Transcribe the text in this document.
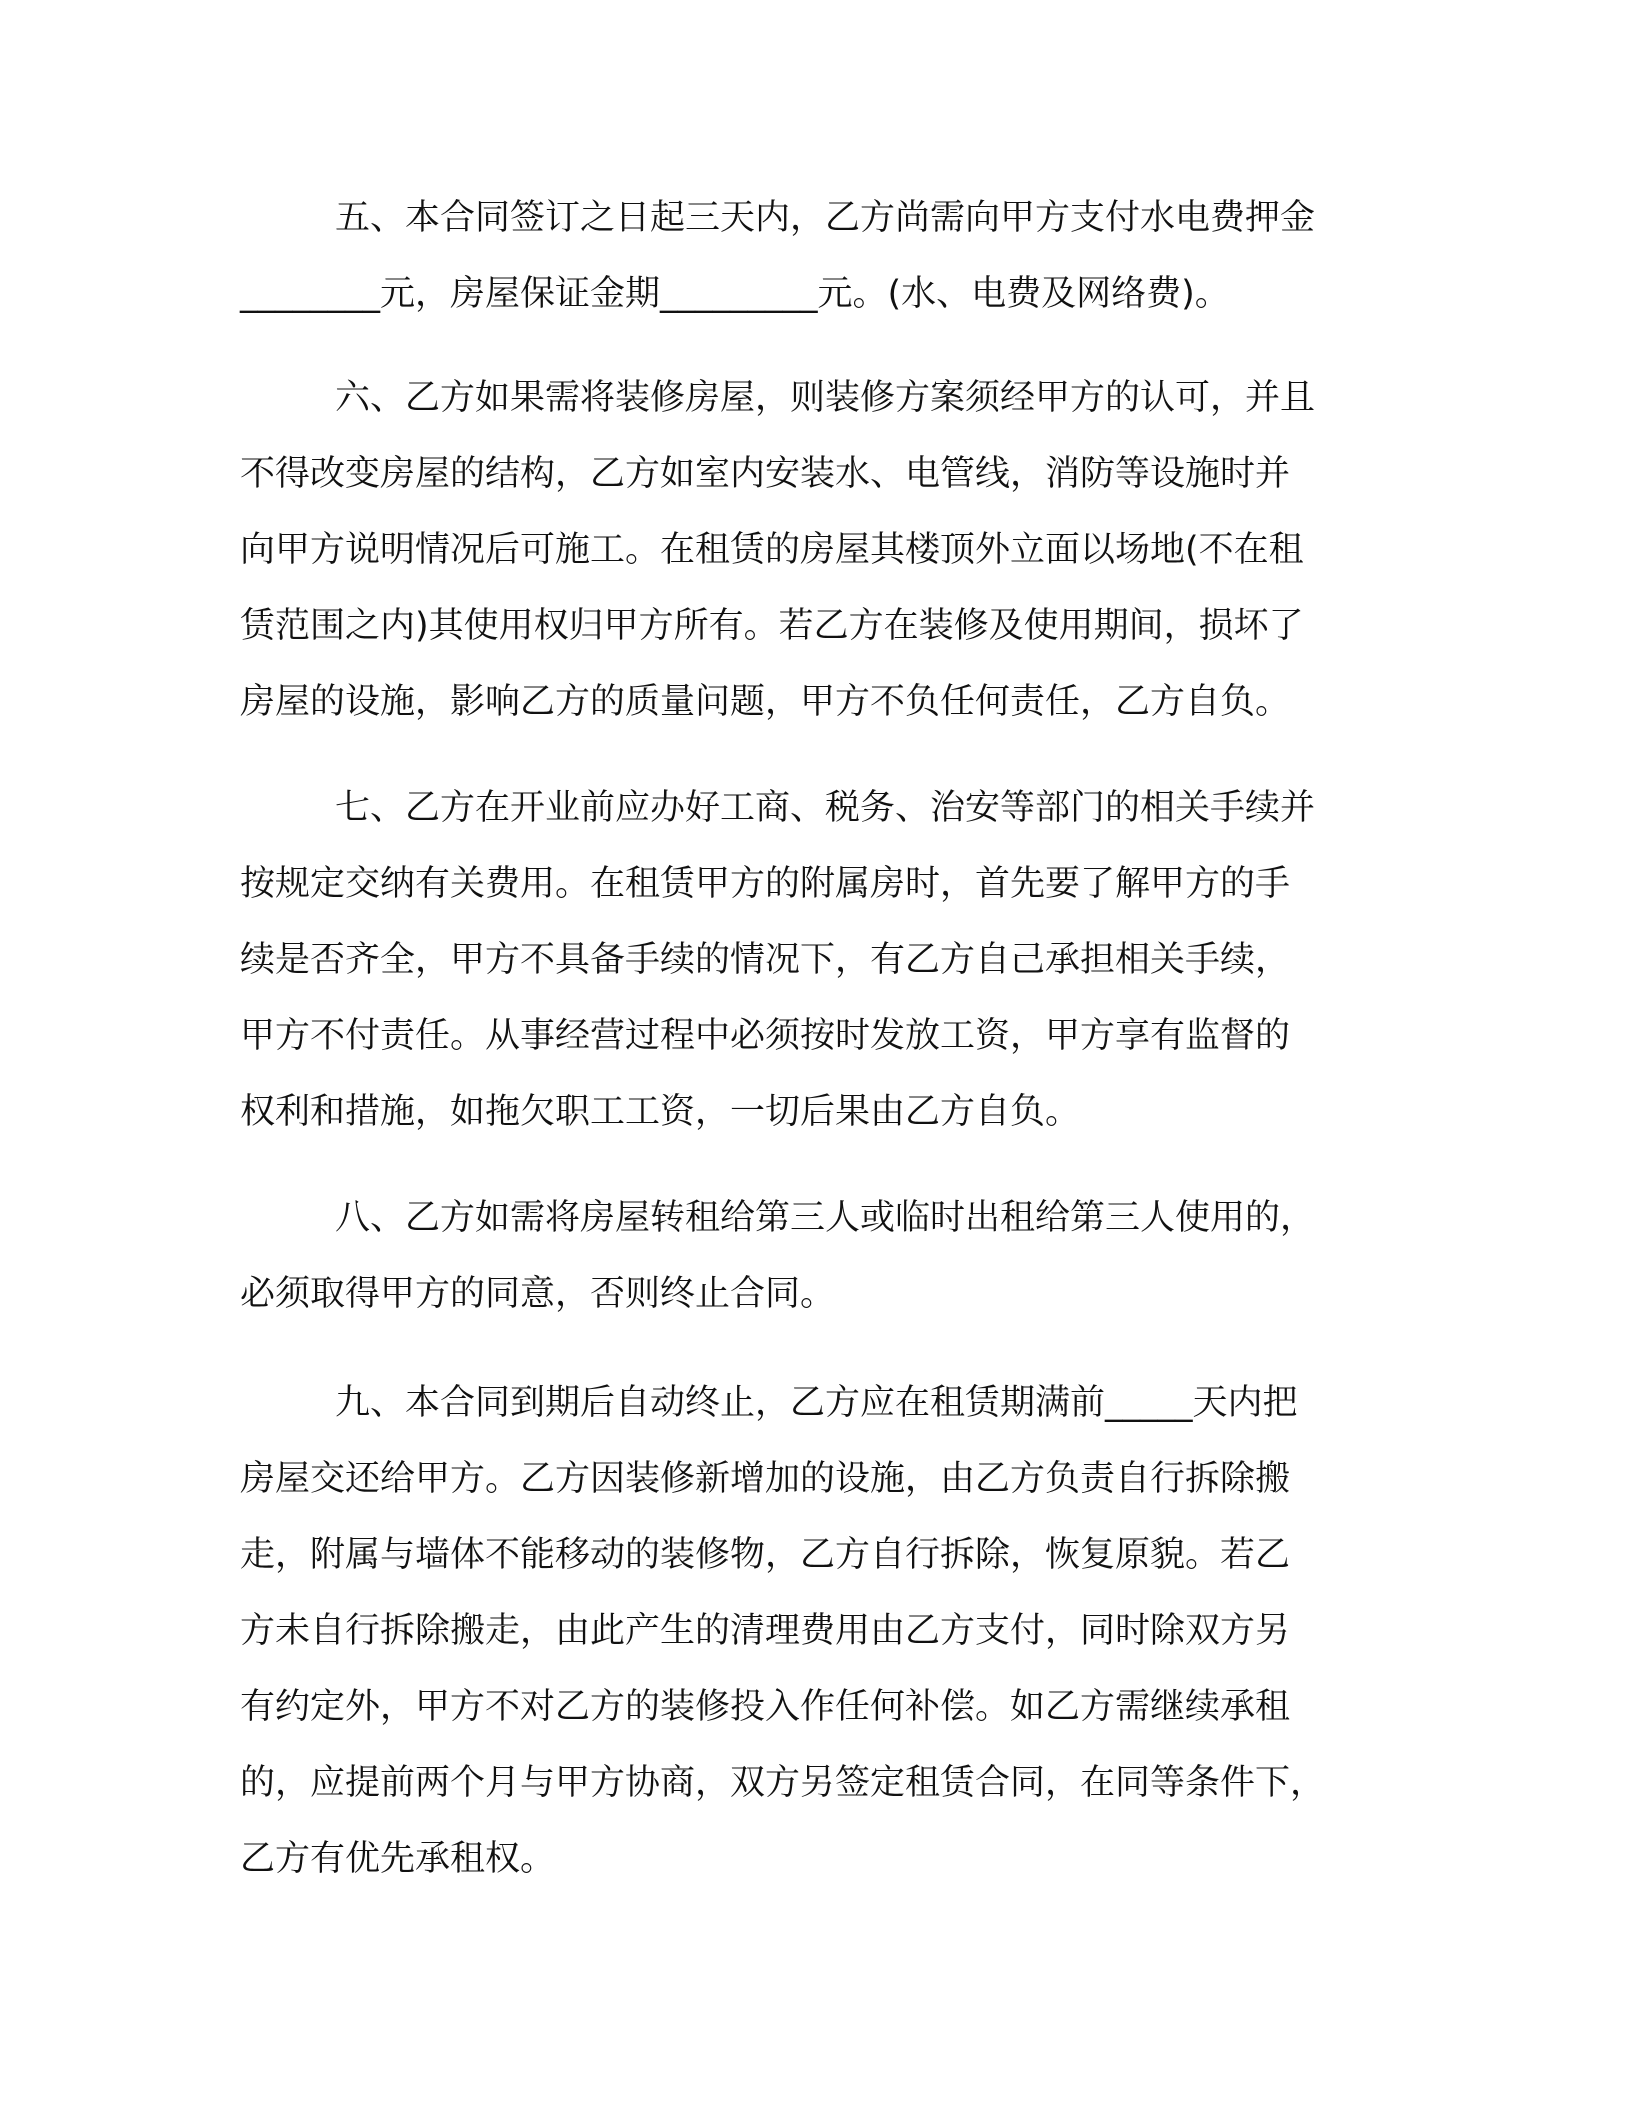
五、本合同签订之日起三天内，乙方尚需向甲方支付水电费押金
________元，房屋保证金期_________元。(水、电费及网络费)。
六、乙方如果需将装修房屋，则装修方案须经甲方的认可，并且
不得改变房屋的结构，乙方如室内安装水、电管线，消防等设施时并
向甲方说明情况后可施工。在租赁的房屋其楼顶外立面以场地(不在租
赁范围之内)其使用权归甲方所有。若乙方在装修及使用期间，损坏了
房屋的设施，影响乙方的质量问题，甲方不负任何责任，乙方自负。
七、乙方在开业前应办好工商、税务、治安等部门的相关手续并
按规定交纳有关费用。在租赁甲方的附属房时，首先要了解甲方的手
续是否齐全，甲方不具备手续的情况下，有乙方自己承担相关手续，
甲方不付责任。从事经营过程中必须按时发放工资，甲方享有监督的
权利和措施，如拖欠职工工资，一切后果由乙方自负。
八、乙方如需将房屋转租给第三人或临时出租给第三人使用的，
必须取得甲方的同意，否则终止合同。
九、本合同到期后自动终止，乙方应在租赁期满前_____天内把
房屋交还给甲方。乙方因装修新增加的设施，由乙方负责自行拆除搬
走，附属与墙体不能移动的装修物，乙方自行拆除，恢复原貌。若乙
方未自行拆除搬走，由此产生的清理费用由乙方支付，同时除双方另
有约定外，甲方不对乙方的装修投入作任何补偿。如乙方需继续承租
的，应提前两个月与甲方协商，双方另签定租赁合同，在同等条件下，
乙方有优先承租权。
